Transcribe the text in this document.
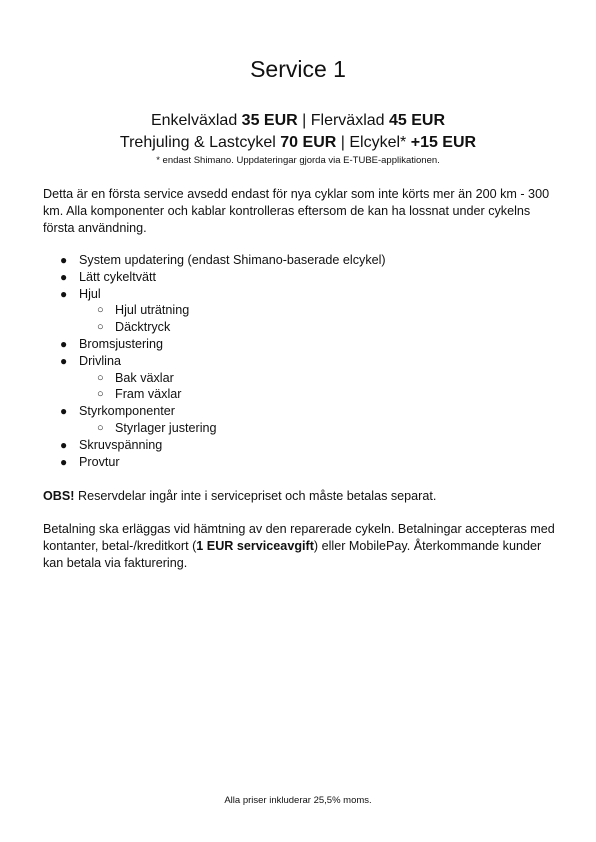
Service 1

Enkelväxlad 35 EUR | Flerväxlad 45 EUR

Trehjuling & Lastcykel 70 EUR | Elcykel* +15 EUR

* endast Shimano. Uppdateringar gjorda via E-TUBE-applikationen.

Detta är en första service avsedd endast för nya cyklar som inte körts mer än 200 km - 300 km. Alla komponenter och kablar kontrolleras eftersom de kan ha lossnat under cykelns första användning.

● System updatering (endast Shimano-baserade elcykel)
● Lätt cykeltvätt
● Hjul
○ Hjul uträtning
○ Däcktryck
● Bromsjustering
● Drivlina
○ Bak växlar
○ Fram växlar
● Styrkomponenter
○ Styrlager justering
● Skruvspänning
● Provtur

OBS! Reservdelar ingår inte i servicepriset och måste betalas separat.

Betalning ska erläggas vid hämtning av den reparerade cykeln. Betalningar accepteras med kontanter, betal-/kreditkort (1 EUR serviceavgift) eller MobilePay. Återkommande kunder kan betala via fakturering.

Alla priser inkluderar 25,5% moms.
